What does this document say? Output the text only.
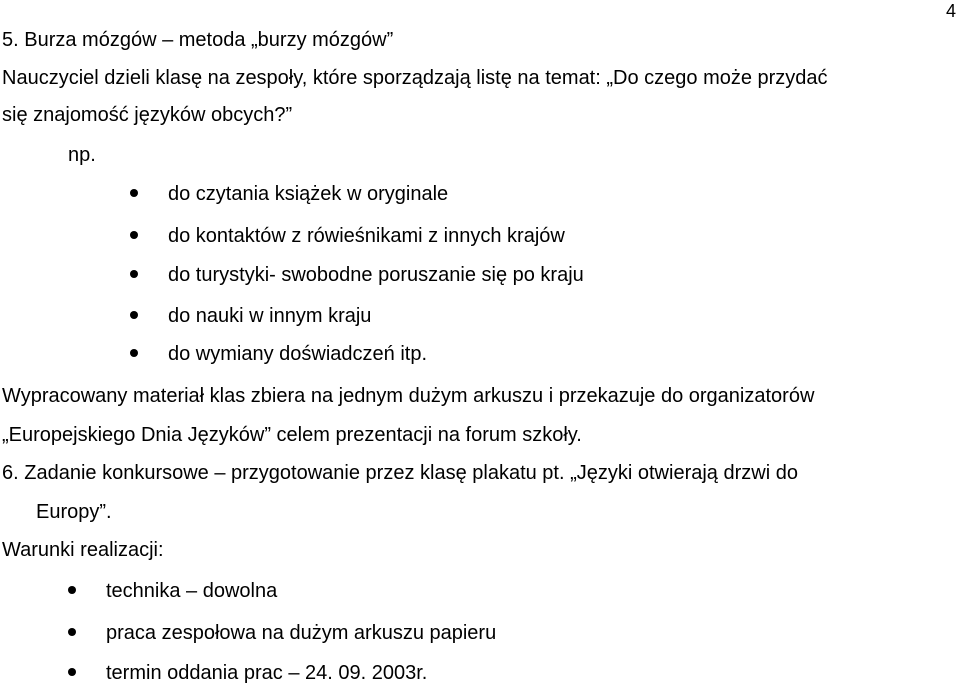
4
5. Burza mózgów – metoda „burzy mózgów”
Nauczyciel dzieli klasę na zespoły, które sporządzają listę na temat: „Do czego może przydać
się znajomość języków obcych?”
np.
do czytania książek w oryginale
do kontaktów z rówieśnikami z innych krajów
do turystyki- swobodne poruszanie się po kraju
do nauki w innym kraju
do wymiany doświadczeń itp.
Wypracowany materiał klas zbiera na jednym dużym arkuszu i przekazuje do organizatorów
„Europejskiego Dnia Języków” celem prezentacji na forum szkoły.
6. Zadanie konkursowe – przygotowanie przez klasę plakatu pt. „Języki otwierają drzwi do
Europy”.
Warunki realizacji:
technika – dowolna
praca zespołowa na dużym arkuszu papieru
termin oddania prac – 24. 09. 2003r.
